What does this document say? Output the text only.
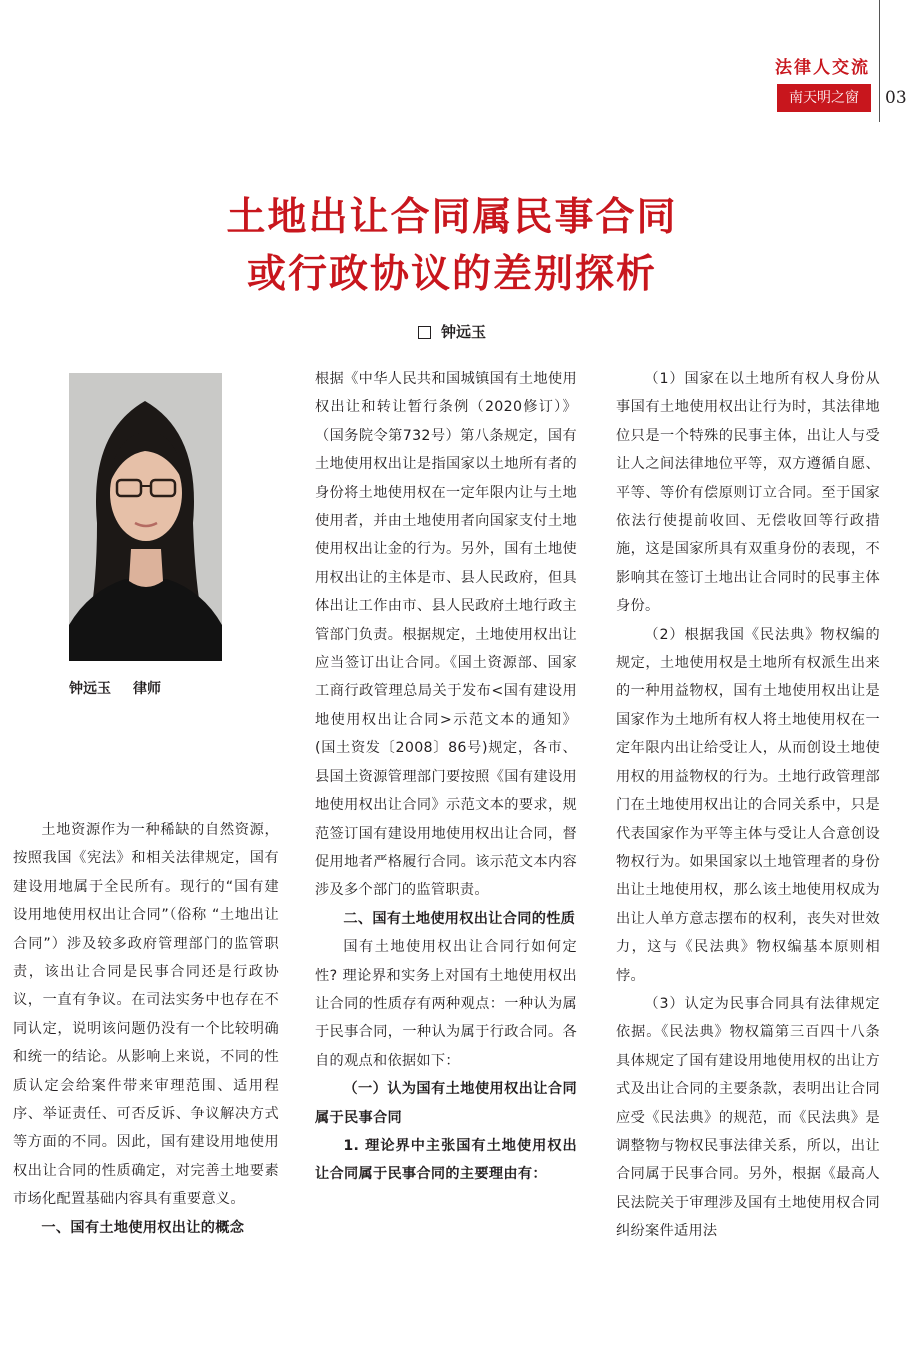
法律人交流
南天明之窗	03
土地出让合同属民事合同
或行政协议的差别探析
钟远玉
钟远玉 律师

土地资源作为一种稀缺的自然资源，按照我国《宪法》和相关法律规定，国有建设用地属于全民所有。现行的“国有建设用地使用权出让合同”（俗称 “土地出让合同”）涉及较多政府管理部门的监管职责，该出让合同是民事合同还是行政协议，一直有争议。在司法实务中也存在不同认定，说明该问题仍没有一个比较明确和统一的结论。从影响上来说，不同的性质认定会给案件带来审理范围、适用程序、举证责任、可否反诉、争议解决方式等方面的不同。因此，国有建设用地使用权出让合同的性质确定，对完善土地要素市场化配置基础内容具有重要意义。

一、国有土地使用权出让的概念

根据《中华人民共和国城镇国有土地使用权出让和转让暂行条例（2020修订）》（国务院令第732号）第八条规定，国有土地使用权出让是指国家以土地所有者的身份将土地使用权在一定年限内让与土地使用者，并由土地使用者向国家支付土地使用权出让金的行为。另外，国有土地使用权出让的主体是市、县人民政府，但具体出让工作由市、县人民政府土地行政主管部门负责。根据规定，土地使用权出让应当签订出让合同。《国土资源部、国家工商行政管理总局关于发布<国有建设用地使用权出让合同>示范文本的通知》(国土资发〔2008〕86号)规定，各市、县国土资源管理部门要按照《国有建设用地使用权出让合同》示范文本的要求，规范签订国有建设用地使用权出让合同，督促用地者严格履行合同。该示范文本内容涉及多个部门的监管职责。

二、国有土地使用权出让合同的性质

国有土地使用权出让合同行如何定性? 理论界和实务上对国有土地使用权出让合同的性质存有两种观点：一种认为属于民事合同，一种认为属于行政合同。各自的观点和依据如下：

（一）认为国有土地使用权出让合同属于民事合同

1. 理论界中主张国有土地使用权出让合同属于民事合同的主要理由有：

（1）国家在以土地所有权人身份从事国有土地使用权出让行为时，其法律地位只是一个特殊的民事主体，出让人与受让人之间法律地位平等，双方遵循自愿、平等、等价有偿原则订立合同。至于国家依法行使提前收回、无偿收回等行政措施，这是国家所具有双重身份的表现，不影响其在签订土地出让合同时的民事主体身份。

（2）根据我国《民法典》物权编的规定，土地使用权是土地所有权派生出来的一种用益物权，国有土地使用权出让是国家作为土地所有权人将土地使用权在一定年限内出让给受让人，从而创设土地使用权的用益物权的行为。土地行政管理部门在土地使用权出让的合同关系中，只是代表国家作为平等主体与受让人合意创设物权行为。如果国家以土地管理者的身份出让土地使用权，那么该土地使用权成为出让人单方意志摆布的权利，丧失对世效力，这与《民法典》物权编基本原则相悖。

（3）认定为民事合同具有法律规定依据。《民法典》物权篇第三百四十八条具体规定了国有建设用地使用权的出让方式及出让合同的主要条款，表明出让合同应受《民法典》的规范，而《民法典》是调整物与物权民事法律关系，所以，出让合同属于民事合同。另外，根据《最高人民法院关于审理涉及国有土地使用权合同纠纷案件适用法
